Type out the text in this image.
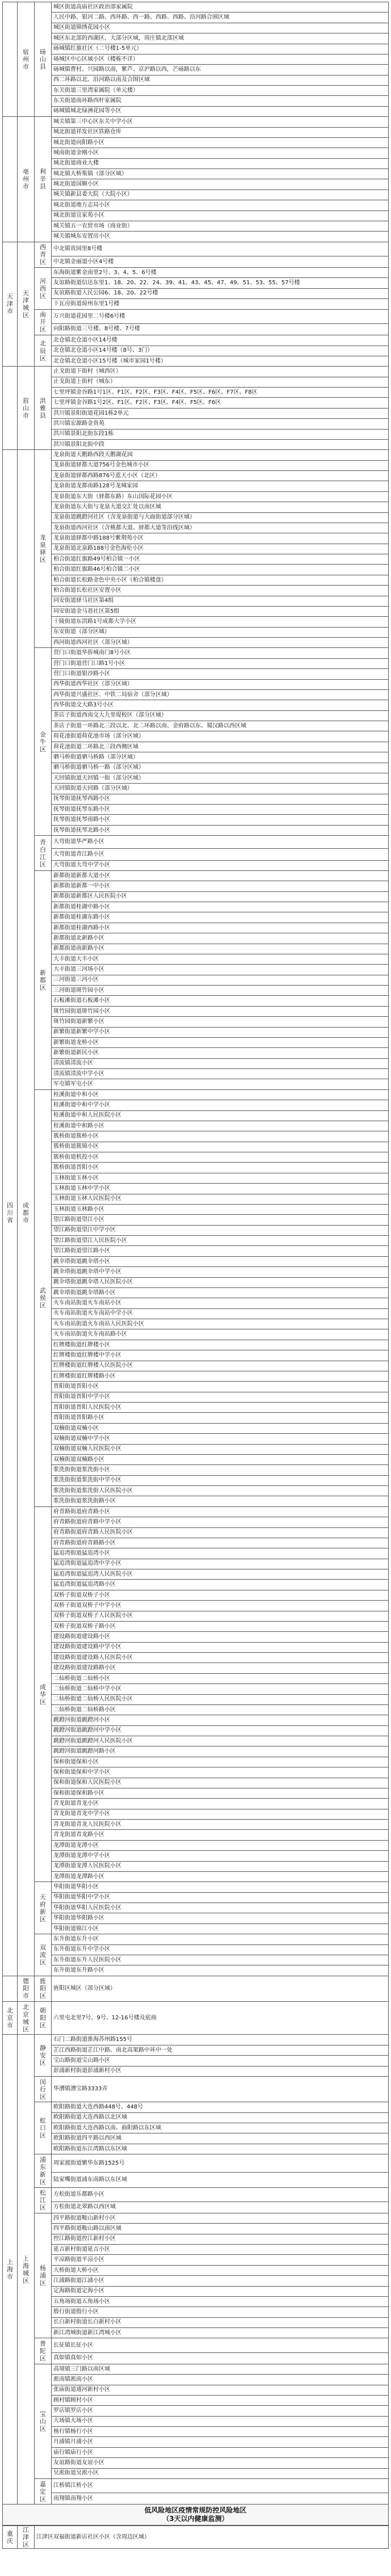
	宿州市	砀山县	城区街道高庙社区政治部家属院
			人民中路、银河二路、西环路、西一路、西路、西路、沿河路合围区域
			城区街道锦绣花园小区
			城区东北部的西湖区，大部分区域，周庄镇北部区域
			砀城镇红旗社区（二号楼1-5单元）
			砀城区中心区域小区（楼栋不详）
			砀城镇曹村、兴园路以南，紫芦、京沪路以西，芒砀路以东
			西二环路以北、沿河路以南及合围区域
			东关街道三里湾家属院（单元楼）
			东关街道南环路西杆家属院
			砀城镇城北绿洲花园等小区
	亳州市	利辛县	城关镇第三中心区东关中学小区
			城北街道祥发社区铁路仓库
			城北街道向阳路小区
			城南街道金刚小区
			城北街道商业大楼
			城北镇大桥集镇（部分区域）
			城北街道国顺小区
			城关镇新县委大院（大院小区）
			城北街道地方志局小区
			城北街道宜家苑小区
			城关镇五一农贸市场（商业街）
			城关镇城东安置房小区
天津市	天津城区	西青区	中北镇贵园里8号楼
			中北镇金丽道小区4号楼
		河西区	东海街道紫金南里2号、3、4、5、6号楼
			友谊路街道信达东里1、18、20、22、24、39、41、43、45、47、49、51、53、55、57号楼
			友谊路街道人民公园6、18、20、22号楼
			下瓦房街道琼州东里1号楼
		南开区	万兴街道花园里二号楼6号楼
			向阳路街道三号楼、8号楼、7号楼
		北辰区	北仓镇北仓道小区14号楼
			北仓镇北仓道小区14号楼（8号、3门）
			北仓镇北仓道小区15号楼（城市家园1号楼）
	眉山市	洪雅县	止戈街道下街村（城西区）
			止戈街道上街村（城东）
			七里坪镇金谷路1号1区、F1区、F2区、F3区、F4区、F5区、F6区、F7区、F8区
			七里坪镇金谷路1号2区、F1区、F2区、F3区、F4区、F5区、F6区
			洪川镇景阳街道花园1栋2单元
			洪川镇宏源路金贵苑
			洪川镇景阳北街东段1栋
			洪川镇景阳北街中段
四川省	成都市	龙泉驿区	龙泉街道天鹅路西段天鹅湖花园
			龙泉街道驿都大道756号金色城市小区
			龙泉街道驿都西路876号蓝天小区（北区）
			龙泉街道龙都南路128号龙城家园
			龙泉街道东大街（驿都东路）东山国际花园小区
			龙泉街道东大街与龙泉大道交汇处以南区域
			龙泉街道跳蹬河社区（含龙泉街道与大面街道部分区域）
			龙泉街道西河社区（含桃都大道、驿都大道等沿线区域）
			龙泉街道驿都中路188号紫荆苑小区
			龙泉街道北泉路188号金色海伦小区
			柏合街道红旗路49号柏合镇一小区
			柏合街道红旗路46号柏合镇二小区
			柏合街道长松路金色中央小区（柏合镇楼盘）
			柏合街道长松社区安置小区
			同安街道驿马社区第4组
			同安街道金马巷社区第5组
			十陵街道东洪路1号成都大学小区
			东安街道（部分区域）
			西河街道西河社区（部分区域）
		金牛区	营门口街道华侨城南门8号小区
			营门口街道营门口路1号小区
			营门口街道银沙路小区
			西华街道西华社区（部分区域）
			西华街道兴盛社区、中铁二局宿舍（部分区域）
			西华街道交大路3号小区
			茶店子街道西南交大九里堤校区（部分区域）
			茶店子街道一环路北三段以北、北二环路以南、金府路以东、蜀汉路以西区域
			荷花池街道荷花池市场（部分区域）
			荷花池街道二环路北三段西侧区域
			驷马桥街道驷马桥路（部分区域）
			驷马桥街道驷马桥一路（部分区域）
			天回镇街道天回镇一街（部分区域）
			天回镇街道天回路（部分区域）
			抚琴街道抚琴西路小区
			抚琴街道抚琴东路小区
			抚琴街道抚琴南路小区
			抚琴街道抚琴北路小区
		青白江区	大弯街道华严路小区
			大弯街道青江路小区
			大弯街道大弯中学小区
		新都区	新都街道新都大道小区
			新都街道新都一中小区
			新都街道新都区人民医院小区
			新都街道桂湖中路小区
			新都街道桂湖东路小区
			新都街道桂湖西路小区
			新都街道北新路小区
			新都街道南新路小区
			大丰街道大丰小区
			大丰街道三河场小区
			三河街道三河小区
			三河街道斑竹园小区
			石板滩街道石板滩小区
			斑竹园街道斑竹园小区
			斑竹园街道新繁小区
			新繁街道新繁中学小区
			新繁街道龙桥小区
			新繁街道新民小区
			清流镇清流小区
			清流镇清流中学小区
			军屯镇军屯小区
		武侯区	桂溪街道中和小区
			桂溪街道中和中学小区
			桂溪街道中和人民医院小区
			桂溪街道中和路小区
			簇桥街道簇桥小区
			簇桥街道簇锦小区
			簇桥街道机投小区
			簇桥街道晋阳小区
			玉林街道玉林小区
			玉林街道玉林中学小区
			玉林街道玉林人民医院小区
			玉林街道玉林路小区
			望江路街道望江小区
			望江路街道望江中学小区
			望江路街道望江人民医院小区
			望江路街道望江路小区
			跳伞塔街道跳伞塔小区
			跳伞塔街道跳伞塔中学小区
			跳伞塔街道跳伞塔人民医院小区
			跳伞塔街道跳伞塔路小区
			火车南站街道火车南站小区
			火车南站街道火车南站中学小区
			火车南站街道火车南站人民医院小区
			火车南站街道火车南站路小区
			红牌楼街道红牌楼小区
			红牌楼街道红牌楼中学小区
			红牌楼街道红牌楼人民医院小区
			红牌楼街道红牌楼路小区
			晋阳街道晋阳小区
			晋阳街道晋阳中学小区
			晋阳街道晋阳人民医院小区
			晋阳街道晋阳路小区
			双楠街道双楠小区
			双楠街道双楠中学小区
			双楠街道双楠人民医院小区
			双楠街道双楠路小区
			浆洗街街道浆洗街小区
			浆洗街街道浆洗街中学小区
			浆洗街街道浆洗街人民医院小区
			浆洗街街道浆洗街路小区
		成华区	府青路街道府青路小区
			府青路街道府青路中学小区
			府青路街道府青路人民医院小区
			府青路街道府青路路小区
			猛追湾街道猛追湾小区
			猛追湾街道猛追湾中学小区
			猛追湾街道猛追湾人民医院小区
			猛追湾街道猛追湾路小区
			双桥子街道双桥子小区
			双桥子街道双桥子中学小区
			双桥子街道双桥子人民医院小区
			双桥子街道双桥子路小区
			建设路街道建设路小区
			建设路街道建设路中学小区
			建设路街道建设路人民医院小区
			建设路街道建设路路小区
			二仙桥街道二仙桥小区
			二仙桥街道二仙桥中学小区
			二仙桥街道二仙桥人民医院小区
			二仙桥街道二仙桥路小区
			跳蹬河街道跳蹬河小区
			跳蹬河街道跳蹬河中学小区
			跳蹬河街道跳蹬河人民医院小区
			跳蹬河街道跳蹬河路小区
			保和街道保和小区
			保和街道保和中学小区
			保和街道保和人民医院小区
			保和街道保和路小区
			青龙街道青龙小区
			青龙街道青龙中学小区
			青龙街道青龙人民医院小区
			青龙街道青龙路小区
			龙潭街道龙潭小区
			龙潭街道龙潭中学小区
			龙潭街道龙潭人民医院小区
			龙潭街道龙潭路小区
		天府新区	华阳街道华阳小区
			华阳街道华阳中学小区
			华阳街道华阳人民医院小区
			华阳街道华阳路小区
			华阳街道锦江小区
		双流区	东升街道东升小区
			东升街道东升中学小区
			东升街道东升人民医院小区
			东升街道东升路小区
	德阳市	旌阳区	旌阳区城区（部分区域）
北京市	北京城区	朝阳区	六里屯北里7号、9号、12-16号楼及底商
上海市	上海城区	静安区	石门二路街道淮海苏州路155号
			芷江西路街道芷江中路、南北高架路中环中一处
			宝山路街道宝山路小区
			彭浦新村街道彭浦新村小区
		闵行区	华漕镇漕宝路3333弄
		虹口区	欧阳路街道大连西路448号、448号
			欧阳路街道大连西路以北区域
			欧阳路街道大连西路以南、曲阳路以东区域
			欧阳路街道四平路以西区域
			欧阳路街道东江湾路以东区域
		浦东新区	周家渡街道繁华东路1525号
			陆家嘴街道浦东南路以东区域
		松江区	方松街道乐都路小区
			方松街道北翠路以西区域
		杨浦区	四平路街道鞍山新村小区
			四平路街道鞍山路以南区域
			控江路街道控江新村小区
			延吉新村街道延吉小区
			平凉路街道平凉小区
			大桥街道大桥小区
			江浦路街道江浦小区
			定海路街道定海小区
			五角场街道五角场小区
			殷行街道殷行小区
			长白新村街道长白新村小区
			新江湾城街道新江湾城小区
		普陀区	长征镇长征小区
			真如镇真如小区
		宝山区	高境镇三门路以南区域
			淞南镇淞南小区
			张庙街道通河新村小区
			顾村镇顾村小区
			罗店镇罗店小区
			大场镇大场小区
			杨行镇杨行小区
			月浦镇月浦小区
			庙行镇庙行小区
			友谊路街道友谊小区
			吴淞街道吴淞小区
		嘉定区	江桥镇江桥小区
			南翔镇南翔小区
低风险地区疫情常规防控风险地区
（3天以内健康监测）
重庆	江津区	江津区双福街道新店社区小区（含周边区域）
